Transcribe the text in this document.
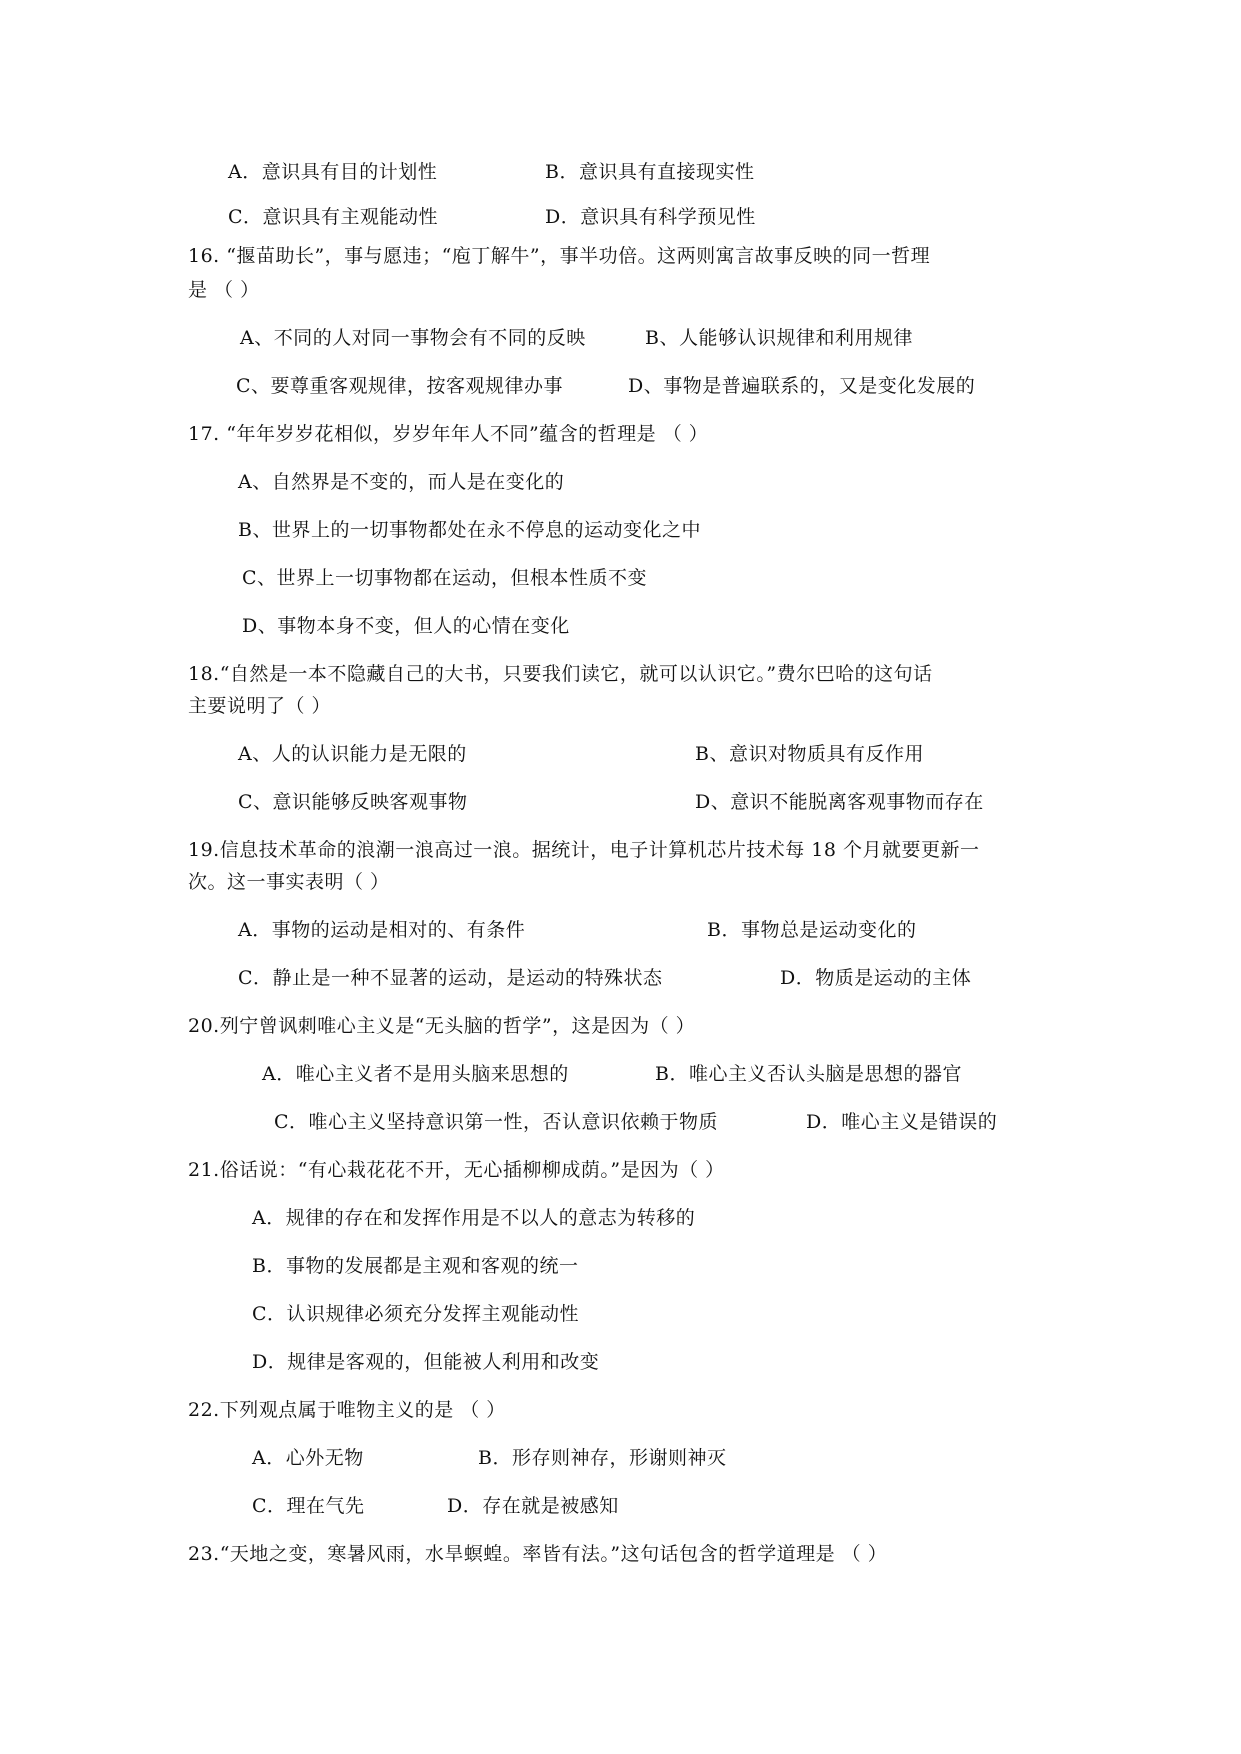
A．意识具有目的计划性	B．意识具有直接现实性
C．意识具有主观能动性	D．意识具有科学预见性
16. “揠苗助长”，事与愿违；“庖丁解牛”，事半功倍。这两则寓言故事反映的同一哲理
是 （ ）
A、不同的人对同一事物会有不同的反映	B、人能够认识规律和利用规律
C、要尊重客观规律，按客观规律办事	D、事物是普遍联系的，又是变化发展的
17. “年年岁岁花相似，岁岁年年人不同”蕴含的哲理是 （ ）
A、自然界是不变的，而人是在变化的
B、世界上的一切事物都处在永不停息的运动变化之中
C、世界上一切事物都在运动，但根本性质不变
D、事物本身不变，但人的心情在变化
18.“自然是一本不隐藏自己的大书，只要我们读它，就可以认识它。”费尔巴哈的这句话
主要说明了（ ）
A、人的认识能力是无限的	B、意识对物质具有反作用
C、意识能够反映客观事物	D、意识不能脱离客观事物而存在
19.信息技术革命的浪潮一浪高过一浪。据统计，电子计算机芯片技术每 18 个月就要更新一
次。这一事实表明（ ）
A．事物的运动是相对的、有条件	B．事物总是运动变化的
C．静止是一种不显著的运动，是运动的特殊状态	D．物质是运动的主体
20.列宁曾讽刺唯心主义是“无头脑的哲学”，这是因为（ ）
A．唯心主义者不是用头脑来思想的	B．唯心主义否认头脑是思想的器官
C．唯心主义坚持意识第一性，否认意识依赖于物质	D．唯心主义是错误的
21.俗话说：“有心栽花花不开，无心插柳柳成荫。”是因为（ ）
A．规律的存在和发挥作用是不以人的意志为转移的
B．事物的发展都是主观和客观的统一
C．认识规律必须充分发挥主观能动性
D．规律是客观的，但能被人利用和改变
22.下列观点属于唯物主义的是 （ ）
A．心外无物	B．形存则神存，形谢则神灭
C．理在气先	D．存在就是被感知
23.“天地之变，寒暑风雨，水旱螟蝗。率皆有法。”这句话包含的哲学道理是 （ ）
